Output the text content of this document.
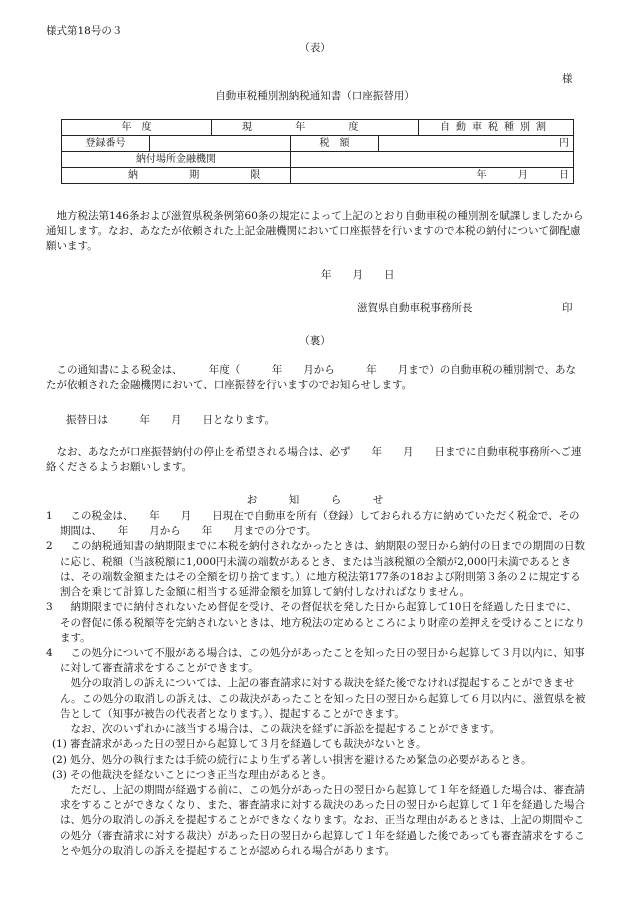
様式第18号の３
（表）
様
自動車税種別割納税通知書（口座振替用）
年　度		現 年 度			自動車税種別割
登録番号			税　額	円	
納付場所金融機関					
納 期 限			年 月 日		
　地方税法第146条および滋賀県税条例第60条の規定によって上記のとおり自動車税の種別割を賦課しましたから通知します。なお、あなたが依頼された上記金融機関において口座振替を行いますので本税の納付について御配慮願います。
年　　月　　日
滋賀県自動車税事務所長	印
（裏）
　この通知書による税金は、　　　年度（　　　年　　月から　　　年　　月まで）の自動車税の種別割で、あなたが依頼された金融機関において、口座振替を行いますのでお知らせします。
振替日は　　　年　　月　　日となります。
　なお、あなたが口座振替納付の停止を希望される場合は、必ず　　年　　月　　日までに自動車税事務所へご連絡くださるようお願いします。
お　　　知　　　ら　　　せ
1 　この税金は、　　年　　月　　日現在で自動車を所有（登録）しておられる方に納めていただく税金で、その期間は、　　年　　月から　　年　　月までの分です。
2 　この納税通知書の納期限までに本税を納付されなかったときは、納期限の翌日から納付の日までの期間の日数に応じ、税額（当該税額に1,000円未満の端数があるとき、または当該税額の全額が2,000円未満であるときは、その端数金額またはその全額を切り捨てます。）に地方税法第177条の18および附則第３条の２に規定する割合を乗じて計算した金額に相当する延滞金額を加算して納付しなければなりません。
3 　納期限までに納付されないため督促を受け、その督促状を発した日から起算して10日を経過した日までに、その督促に係る税額等を完納されないときは、地方税法の定めるところにより財産の差押えを受けることになります。
4 　この処分について不服がある場合は、この処分があったことを知った日の翌日から起算して３月以内に、知事に対して審査請求をすることができます。

処分の取消しの訴えについては、上記の審査請求に対する裁決を経た後でなければ提起することができません。この処分の取消しの訴えは、この裁決があったことを知った日の翌日から起算して６月以内に、滋賀県を被告として（知事が被告の代表者となります。）、提起することができます。

なお、次のいずれかに該当する場合は、この裁決を経ずに訴訟を提起することができます。

(1) 審査請求があった日の翌日から起算して３月を経過しても裁決がないとき。
(2) 処分、処分の執行または手続の続行により生ずる著しい損害を避けるため緊急の必要があるとき。
(3) その他裁決を経ないことにつき正当な理由があるとき。

ただし、上記の期間が経過する前に、この処分があった日の翌日から起算して１年を経過した場合は、審査請求をすることができなくなり、また、審査請求に対する裁決のあった日の翌日から起算して１年を経過した場合は、処分の取消しの訴えを提起することができなくなります。なお、正当な理由があるときは、上記の期間やこの処分（審査請求に対する裁決）があった日の翌日から起算して１年を経過した後であっても審査請求をすることや処分の取消しの訴えを提起することが認められる場合があります。
